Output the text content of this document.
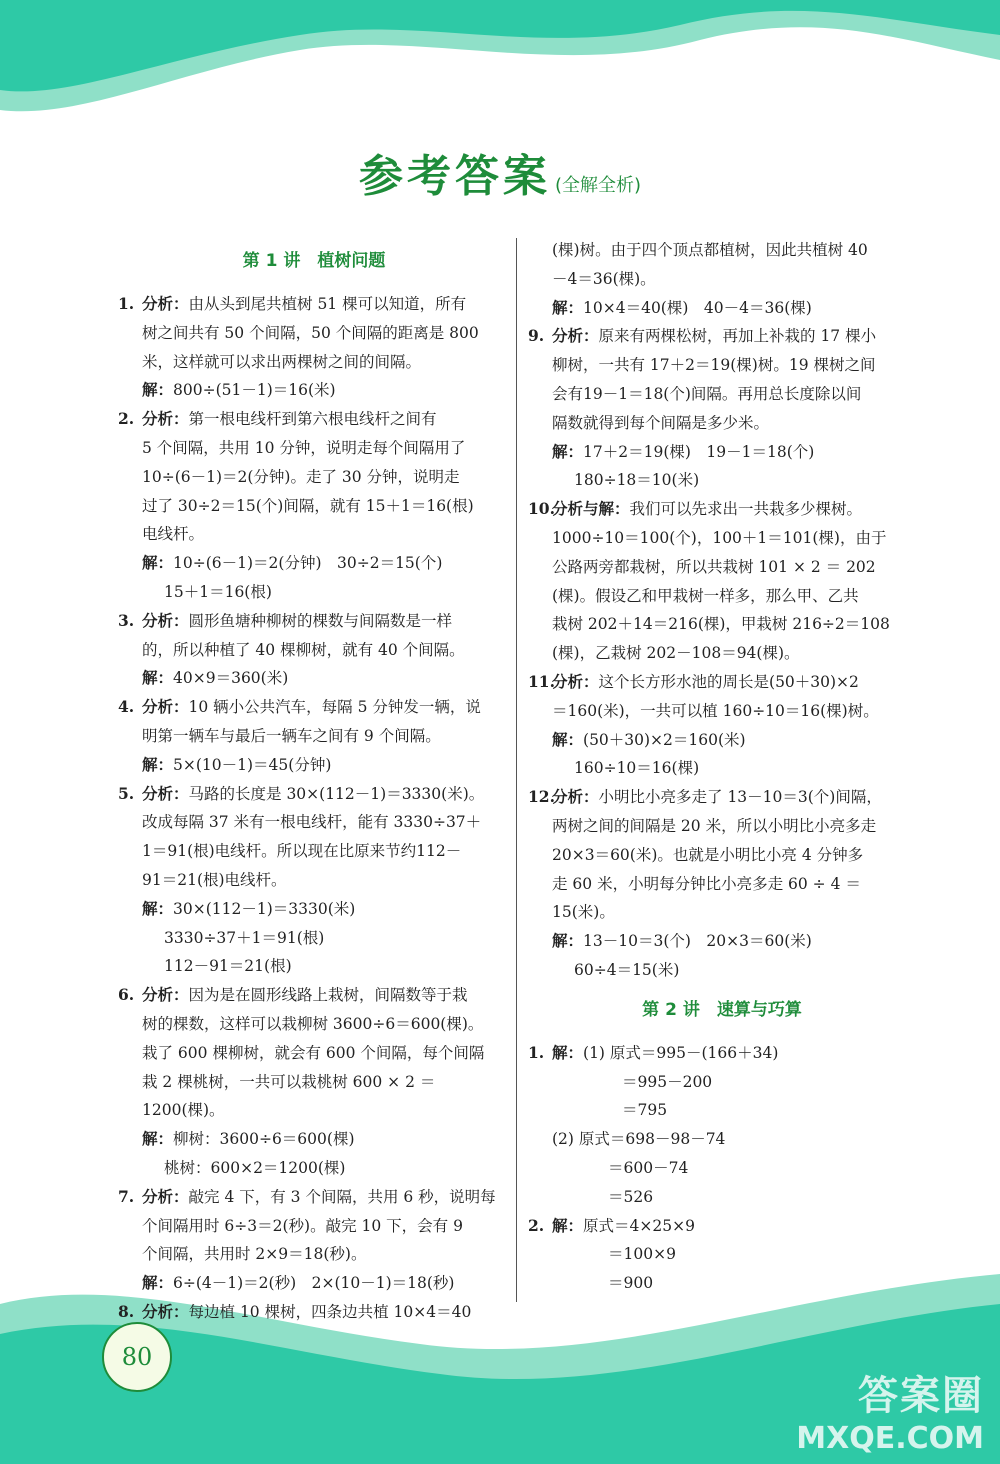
参考答案 (全解全析)
第 1 讲　植树问题
1. 分析：由从头到尾共植树 51 棵可以知道，所有

树之间共有 50 个间隔，50 个间隔的距离是 800

米，这样就可以求出两棵树之间的间隔。

解：800÷(51－1)＝16(米)

2. 分析：第一根电线杆到第六根电线杆之间有

5 个间隔，共用 10 分钟，说明走每个间隔用了

10÷(6－1)＝2(分钟)。走了 30 分钟，说明走

过了 30÷2＝15(个)间隔，就有 15＋1＝16(根)

电线杆。

解：10÷(6－1)＝2(分钟)　30÷2＝15(个)

15＋1＝16(根)

3. 分析：圆形鱼塘种柳树的棵数与间隔数是一样

的，所以种植了 40 棵柳树，就有 40 个间隔。

解：40×9＝360(米)

4. 分析：10 辆小公共汽车，每隔 5 分钟发一辆，说

明第一辆车与最后一辆车之间有 9 个间隔。

解：5×(10－1)＝45(分钟)

5. 分析：马路的长度是 30×(112－1)＝3330(米)。

改成每隔 37 米有一根电线杆，能有 3330÷37＋

1＝91(根)电线杆。所以现在比原来节约112－

91＝21(根)电线杆。

解：30×(112－1)＝3330(米)

3330÷37＋1＝91(根)

112－91＝21(根)

6. 分析：因为是在圆形线路上栽树，间隔数等于栽

树的棵数，这样可以栽柳树 3600÷6＝600(棵)。

栽了 600 棵柳树，就会有 600 个间隔，每个间隔

栽 2 棵桃树，一共可以栽桃树 600 × 2 ＝

1200(棵)。

解：柳树：3600÷6＝600(棵)

桃树：600×2＝1200(棵)

7. 分析：敲完 4 下，有 3 个间隔，共用 6 秒，说明每

个间隔用时 6÷3＝2(秒)。敲完 10 下，会有 9

个间隔，共用时 2×9＝18(秒)。

解：6÷(4－1)＝2(秒)　2×(10－1)＝18(秒)

8. 分析：每边植 10 棵树，四条边共植 10×4＝40

(棵)树。由于四个顶点都植树，因此共植树 40

－4＝36(棵)。

解：10×4＝40(棵)　40－4＝36(棵)

9. 分析：原来有两棵松树，再加上补栽的 17 棵小

柳树，一共有 17＋2＝19(棵)树。19 棵树之间

会有19－1＝18(个)间隔。再用总长度除以间

隔数就得到每个间隔是多少米。

解：17＋2＝19(棵)　19－1＝18(个)

180÷18＝10(米)

10.

分析与解：我们可以先求出一共栽多少棵树。

1000÷10＝100(个)，100＋1＝101(棵)，由于

公路两旁都栽树，所以共栽树 101 × 2 ＝ 202

(棵)。假设乙和甲栽树一样多，那么甲、乙共

栽树 202＋14＝216(棵)，甲栽树 216÷2＝108

(棵)，乙栽树 202－108＝94(棵)。

11.

分析：这个长方形水池的周长是(50＋30)×2

＝160(米)，一共可以植 160÷10＝16(棵)树。

解：(50＋30)×2＝160(米)

160÷10＝16(棵)

12.

分析：小明比小亮多走了 13－10＝3(个)间隔，

两树之间的间隔是 20 米，所以小明比小亮多走

20×3＝60(米)。也就是小明比小亮 4 分钟多

走 60 米，小明每分钟比小亮多走 60 ÷ 4 ＝

15(米)。

解：13－10＝3(个)　20×3＝60(米)

60÷4＝15(米)

第 2 讲　速算与巧算
1. 解：(1) 原式＝995－(166＋34)

＝995－200

＝795

(2) 原式＝698－98－74

＝600－74

＝526

2. 解：原式＝4×25×9

＝100×9

＝900

80
答案圈
MXQE.COM
